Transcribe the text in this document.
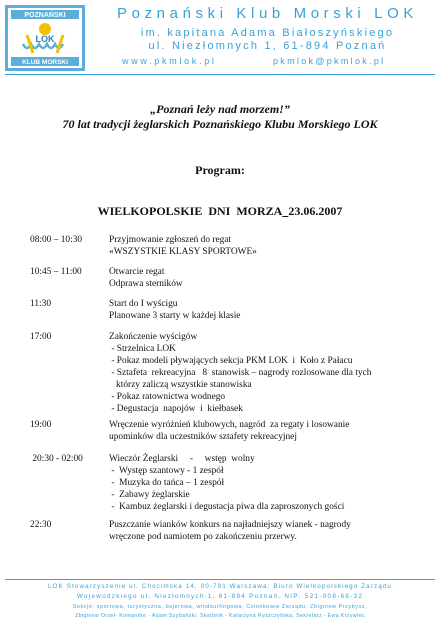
POZNAŃSKI
LOK
KLUB MORSKI
Poznański Klub Morski LOK
im. kapitana Adama Białoszyńskiego
ul. Niezłomnych 1, 61-894 Poznań
www.pkmlok.pl	pkmlok@pkmlok.pl
„Poznań leży nad morzem!”
70 lat tradycji żeglarskich Poznańskiego Klubu Morskiego LOK
Program:
WIELKOPOLSKIE  DNI  MORZA 23.06.2007
08:00 – 10:30	Przyjmowanie zgłoszeń do regat
«WSZYSTKIE KLASY SPORTOWE»
10:45 – 11:00	Otwarcie regat
Odprawa sterników
11:30	Start do I wyścigu
Planowane 3 starty w każdej klasie
17:00	Zakończenie wyścigów
- Strzelnica LOK
- Pokaz modeli pływających sekcja PKM LOK  i  Koło z Pałacu
- Sztafeta  rekreacyjna   8  stanowisk – nagrody rozlosowane dla tych
którzy zaliczą wszystkie stanowiska
- Pokaz ratownictwa wodnego
- Degustacja  napojów  i  kiełbasek
19:00	Wręczenie wyróżnień klubowych, nagród  za regaty i losowanie
upominków dla uczestników sztafety rekreacyjnej
20:30 - 02:00	Wieczór Żeglarski     -     wstęp  wolny
-  Występ szantowy - 1 zespół
-  Muzyka do tańca – 1 zespół
-  Zabawy żeglarskie
-  Kambuz żeglarski i degustacja piwa dla zaproszonych gości
22:30	Puszczanie wianków konkurs na najładniejszy wianek - nagrody
wręczone pod namiotem po zakończeniu przerwy.
LOK Stowarzyszenie ul. Chocimska 14, 00-791 Warszawa; Biuro Wielkopolskiego Zarządu
Wojewódzkiego ul. Niezłomnych 1, 61-894 Poznań, NIP: 521-008-68-32
Sekcje: sportowa, turystyczna, bojerowa, windsurfingowa; Członkowie Zarządu: Zbigniew Przybysz,
Zbigniew Orzeł- Komandor - Adam Szybański, Skarbnik - Katarzyna Ryszczyńska, Sekretarz - Ewa Krzywiec
